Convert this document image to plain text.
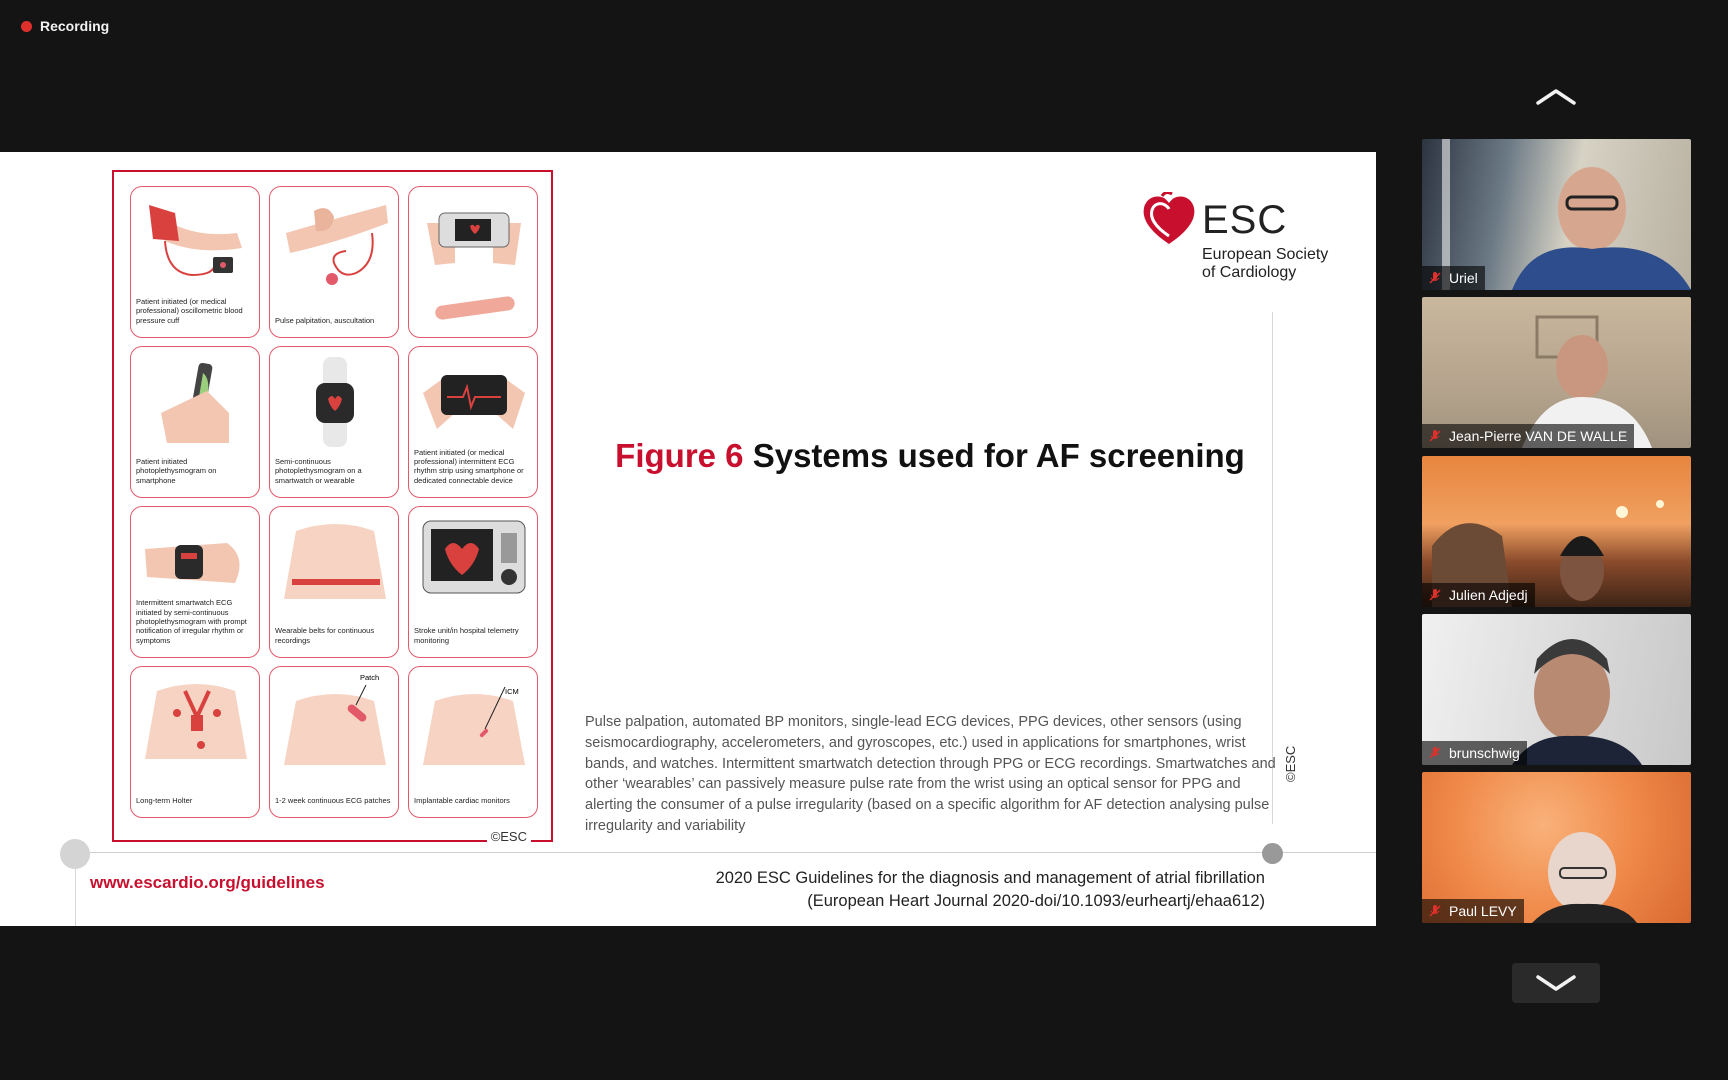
Recording
Patient initiated (or medical professional) oscillometric blood pressure cuff	Pulse palpitation, auscultation
Patient initiated photoplethysmogram on smartphone
Semi-continuous photoplethysmogram on a smartwatch or wearable
Patient initiated (or medical professional) intermittent ECG rhythm strip using smartphone or dedicated connectable device
Intermittent smartwatch ECG initiated by semi-continuous photoplethysmogram with prompt notification of irregular rhythm or symptoms
Wearable belts for continuous recordings
Stroke unit/in hospital telemetry monitoring
Long-term Holter
Patch
1-2 week continuous ECG patches
ICM
Implantable cardiac monitors
©ESC
ESC
European Society
of Cardiology
Figure 6 Systems used for AF screening
Pulse palpation, automated BP monitors, single-lead ECG devices, PPG devices, other sensors (using seismocardiography, accelerometers, and gyroscopes, etc.) used in applications for smartphones, wrist bands, and watches. Intermittent smartwatch detection through PPG or ECG recordings. Smartwatches and other ‘wearables’ can passively measure pulse rate from the wrist using an optical sensor for PPG and alerting the consumer of a pulse irregularity (based on a specific algorithm for AF detection analysing pulse irregularity and variability
©ESC
www.escardio.org/guidelines	2020 ESC Guidelines for the diagnosis and management of atrial fibrillation
(European Heart Journal 2020-doi/10.1093/eurheartj/ehaa612)
Uriel
Jean-Pierre VAN DE WALLE
Julien Adjedj
brunschwig
Paul LEVY
